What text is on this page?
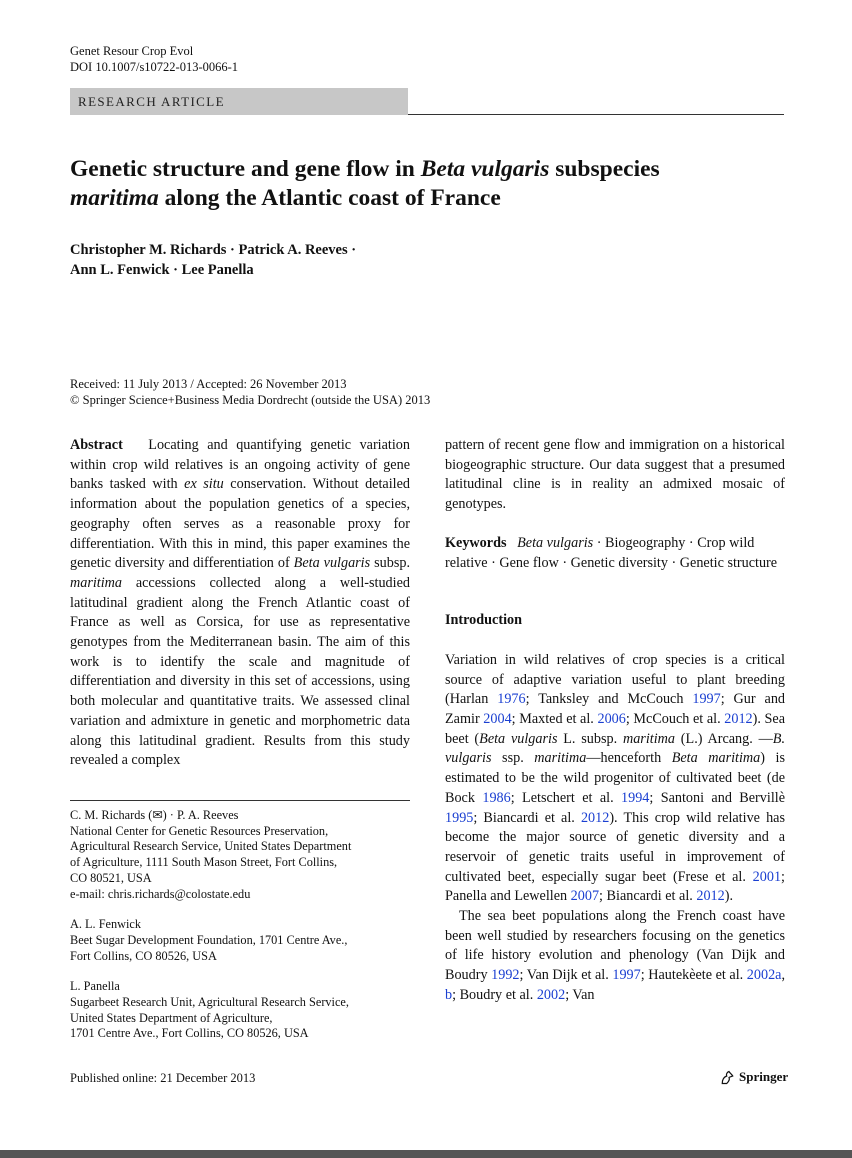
Genet Resour Crop Evol
DOI 10.1007/s10722-013-0066-1
RESEARCH ARTICLE
Genetic structure and gene flow in Beta vulgaris subspecies
maritima along the Atlantic coast of France
Christopher M. Richards · Patrick A. Reeves ·
Ann L. Fenwick · Lee Panella
Received: 11 July 2013 / Accepted: 26 November 2013
© Springer Science+Business Media Dordrecht (outside the USA) 2013

Abstract Locating and quantifying genetic variation within crop wild relatives is an ongoing activity of gene banks tasked with ex situ conservation. Without detailed information about the population genetics of a species, geography often serves as a reasonable proxy for differentiation. With this in mind, this paper examines the genetic diversity and differentiation of Beta vulgaris subsp. maritima accessions collected along a well-studied latitudinal gradient along the French Atlantic coast of France as well as Corsica, for use as representative genotypes from the Mediterranean basin. The aim of this work is to identify the scale and magnitude of differentiation and diversity in this set of accessions, using both molecular and quantitative traits. We assessed clinal variation and admixture in genetic and morphometric data along this latitudinal gradient. Results from this study revealed a complex

pattern of recent gene flow and immigration on a historical biogeographic structure. Our data suggest that a presumed latitudinal cline is in reality an admixed mosaic of genotypes.

Keywords Beta vulgaris · Biogeography · Crop wild relative · Gene flow · Genetic diversity · Genetic structure

Introduction

Variation in wild relatives of crop species is a critical source of adaptive variation useful to plant breeding (Harlan 1976; Tanksley and McCouch 1997; Gur and Zamir 2004; Maxted et al. 2006; McCouch et al. 2012). Sea beet (Beta vulgaris L. subsp. maritima (L.) Arcang. —B. vulgaris ssp. maritima—henceforth Beta maritima) is estimated to be the wild progenitor of cultivated beet (de Bock 1986; Letschert et al. 1994; Santoni and Bervillè 1995; Biancardi et al. 2012). This crop wild relative has become the major source of genetic diversity and a reservoir of genetic traits useful in improvement of cultivated beet, especially sugar beet (Frese et al. 2001; Panella and Lewellen 2007; Biancardi et al. 2012).

The sea beet populations along the French coast have been well studied by researchers focusing on the genetics of life history evolution and phenology (Van Dijk and Boudry 1992; Van Dijk et al. 1997; Hautekèete et al. 2002a, b; Boudry et al. 2002; Van

C. M. Richards (✉) · P. A. Reeves
National Center for Genetic Resources Preservation,
Agricultural Research Service, United States Department
of Agriculture, 1111 South Mason Street, Fort Collins,
CO 80521, USA
e-mail: chris.richards@colostate.edu

A. L. Fenwick
Beet Sugar Development Foundation, 1701 Centre Ave.,
Fort Collins, CO 80526, USA

L. Panella
Sugarbeet Research Unit, Agricultural Research Service,
United States Department of Agriculture,
1701 Centre Ave., Fort Collins, CO 80526, USA

Published online: 21 December 2013	Springer
